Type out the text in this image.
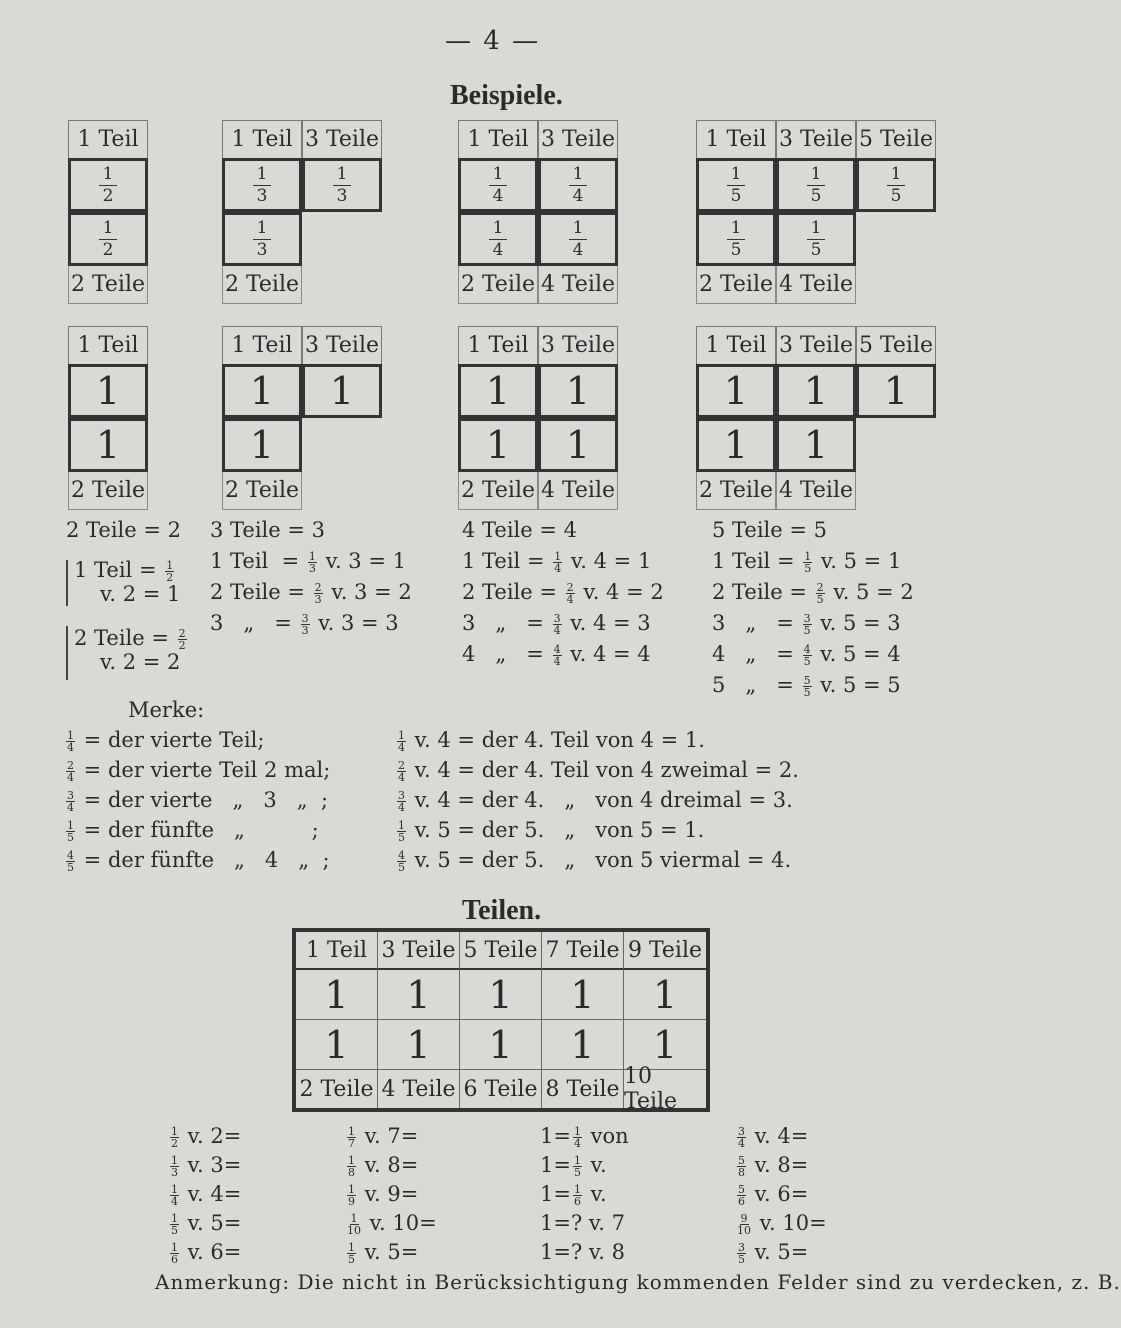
— 4 —
Beispiele.
1 Teil
$\frac{1}{2}$
$\frac{1}{2}$
2 Teile
1 Teil 3 Teile
$\frac{1}{3}$	$\frac{1}{3}$
$\frac{1}{3}$
2 Teile
1 Teil 3 Teile
$\frac{1}{4}$	$\frac{1}{4}$
$\frac{1}{4}$	$\frac{1}{4}$
2 Teile 4 Teile
1 Teil 3 Teile 5 Teile
$\frac{1}{5}$	$\frac{1}{5}$	$\frac{1}{5}$
$\frac{1}{5}$	$\frac{1}{5}$
2 Teile 4 Teile
1 Teil
1
1
2 Teile
1 Teil 3 Teile
1	1
1
2 Teile
1 Teil 3 Teile
1	1
1	1
2 Teile 4 Teile
1 Teil 3 Teile 5 Teile
1	1	1
1	1
2 Teile 4 Teile
2 Teile = 2
1 Teil = $\frac{1}{2}$
v. 2 = 1
2 Teile = $\frac{2}{2}$
v. 2 = 2
3 Teile = 3
1 Teil  = $\frac{1}{3} v$. 3 = 1
2 Teile = $\frac{2}{3} v$. 3 = 2
3   „   = $\frac{3}{3} v$. 3 = 3
4 Teile = 4
1 Teil = $\frac{1}{4} v$. 4 = 1
2 Teile = $\frac{2}{4} v$. 4 = 2
3   „   = $\frac{3}{4} v$. 4 = 3
4   „   = $\frac{4}{4} v$. 4 = 4
5 Teile = 5
1 Teil = $\frac{1}{5} v$. 5 = 1
2 Teile = $\frac{2}{5} v$. 5 = 2
3   „   = $\frac{3}{5} v$. 5 = 3
4   „   = $\frac{4}{5} v$. 5 = 4
5   „   = $\frac{5}{5} v$. 5 = 5
Merke:
$\frac{1}{4}$ = der vierte Teil;
$\frac{2}{4}$ = der vierte Teil 2 mal;
$\frac{3}{4}$ = der vierte   „   3   „  ;
$\frac{1}{5}$ = der fünfte   „          ;
$\frac{4}{5}$ = der fünfte   „   4   „  ;
$\frac{1}{4} v$. 4 = der 4. Teil von 4 = 1.
$\frac{2}{4} v$. 4 = der 4. Teil von 4 zweimal = 2.
$\frac{3}{4} v$. 4 = der 4.   „   von 4 dreimal = 3.
$\frac{1}{5} v$. 5 = der 5.   „   von 5 = 1.
$\frac{4}{5} v$. 5 = der 5.   „   von 5 viermal = 4.
Teilen.
1 Teil 3 Teile 5 Teile 7 Teile 9 Teile
1	1	1	1	1
1	1	1	1	1
2 Teile 4 Teile 6 Teile 8 Teile 10 Teile
$\frac{1}{2} v$. 2=
$\frac{1}{3} v$. 3=
$\frac{1}{4} v$. 4=
$\frac{1}{5} v$. 5=
$\frac{1}{6} v$. 6=
$\frac{1}{7} v$. 7=
$\frac{1}{8} v$. 8=
$\frac{1}{9} v$. 9=
$\frac{1}{10} v$. 10=
$\frac{1}{5} v$. 5=
$1= \frac{1}{4}$ von
$1= \frac{1}{5} v$.
$1= \frac{1}{6} v$.
1=? v. 7
1=? v. 8
$\frac{3}{4} v$. 4=
$\frac{5}{8} v$. 8=
$\frac{5}{6} v$. 6=
$\frac{9}{10} v$. 10=
$\frac{3}{5} v$. 5=
Anmerkung: Die nicht in Berücksichtigung kommenden Felder sind zu verdecken, z. B.
